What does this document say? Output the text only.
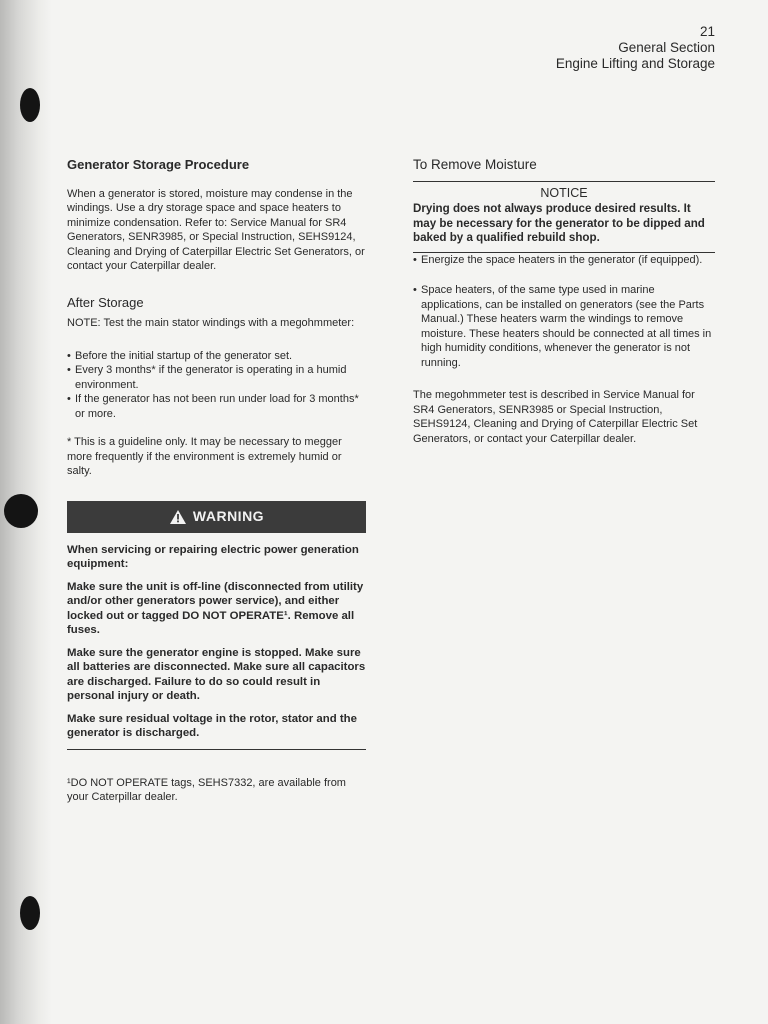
21
General Section
Engine Lifting and Storage
Generator Storage Procedure

When a generator is stored, moisture may condense in the windings. Use a dry storage space and space heaters to minimize condensation. Refer to: Service Manual for SR4 Generators, SENR3985, or Special Instruction, SEHS9124, Cleaning and Drying of Caterpillar Electric Set Generators, or contact your Caterpillar dealer.

After Storage

NOTE: Test the main stator windings with a megohmmeter:

• Before the initial startup of the generator set.
• Every 3 months* if the generator is operating in a humid environment.
• If the generator has not been run under load for 3 months* or more.

* This is a guideline only. It may be necessary to megger more frequently if the environment is extremely humid or salty.

WARNING

When servicing or repairing electric power generation equipment:

Make sure the unit is off-line (disconnected from utility and/or other generators power service), and either locked out or tagged DO NOT OPERATE¹. Remove all fuses.

Make sure the generator engine is stopped. Make sure all batteries are disconnected. Make sure all capacitors are discharged. Failure to do so could result in personal injury or death.

Make sure residual voltage in the rotor, stator and the generator is discharged.

¹DO NOT OPERATE tags, SEHS7332, are available from your Caterpillar dealer.

To Remove Moisture
NOTICE

Drying does not always produce desired results. It may be necessary for the generator to be dipped and baked by a qualified rebuild shop.

• Energize the space heaters in the generator (if equipped).
• Space heaters, of the same type used in marine applications, can be installed on generators (see the Parts Manual.) These heaters warm the windings to remove moisture. These heaters should be connected at all times in high humidity conditions, whenever the generator is not running.

The megohmmeter test is described in Service Manual for SR4 Generators, SENR3985 or Special Instruction, SEHS9124, Cleaning and Drying of Caterpillar Electric Set Generators, or contact your Caterpillar dealer.
